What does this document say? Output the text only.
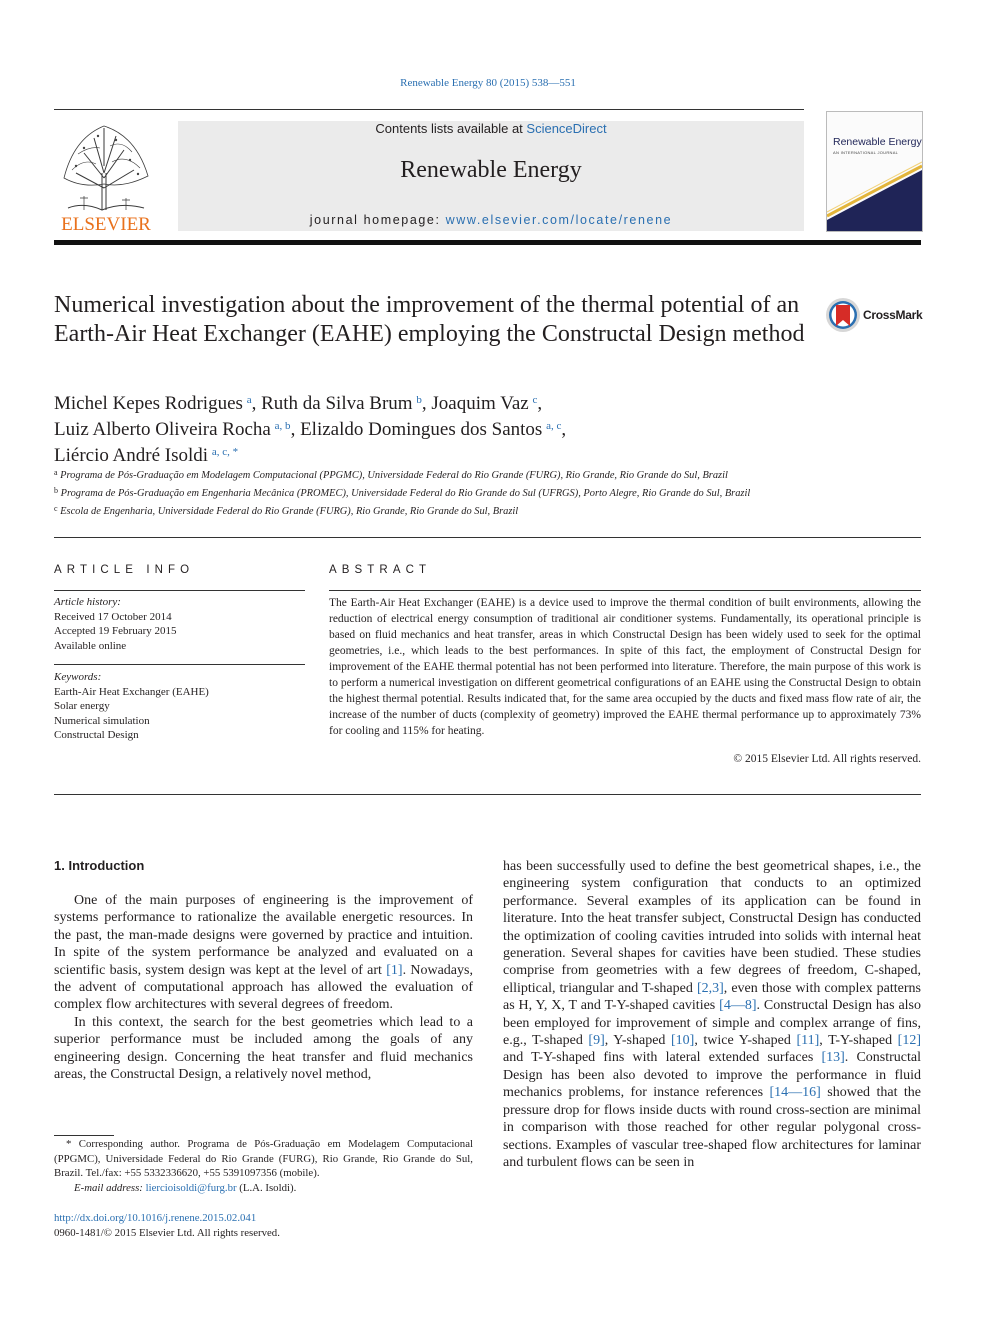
Renewable Energy 80 (2015) 538—551
ELSEVIER
Contents lists available at ScienceDirect
Renewable Energy
journal homepage: www.elsevier.com/locate/renene
Renewable Energy
AN INTERNATIONAL JOURNAL
Numerical investigation about the improvement of the thermal potential of an Earth-Air Heat Exchanger (EAHE) employing the Constructal Design method
CrossMark
Michel Kepes Rodrigues  $^a$, Ruth da Silva Brum  $^b$, Joaquim Vaz  $^c$,
Luiz Alberto Oliveira Rocha  $^{a, b}$, Elizaldo Domingues dos Santos  $^{a, c}$,
Liércio André Isoldi  $^{a, c, *}$
$^a$ Programa de Pós-Graduação em Modelagem Computacional (PPGMC), Universidade Federal do Rio Grande (FURG), Rio Grande, Rio Grande do Sul, Brazil
$^b$ Programa de Pós-Graduação em Engenharia Mecânica (PROMEC), Universidade Federal do Rio Grande do Sul (UFRGS), Porto Alegre, Rio Grande do Sul, Brazil
$^c$ Escola de Engenharia, Universidade Federal do Rio Grande (FURG), Rio Grande, Rio Grande do Sul, Brazil
ARTICLE INFO
Article history:
Received 17 October 2014
Accepted 19 February 2015
Available online
Keywords:
Earth-Air Heat Exchanger (EAHE)
Solar energy
Numerical simulation
Constructal Design
ABSTRACT
The Earth-Air Heat Exchanger (EAHE) is a device used to improve the thermal condition of built environments, allowing the reduction of electrical energy consumption of traditional air conditioner systems. Fundamentally, its operational principle is based on fluid mechanics and heat transfer, areas in which Constructal Design has been widely used to seek for the optimal geometries, i.e., which leads to the best performances. In spite of this fact, the employment of Constructal Design for improvement of the EAHE thermal potential has not been performed into literature. Therefore, the main purpose of this work is to perform a numerical investigation on different geometrical configurations of an EAHE using the Constructal Design to obtain the highest thermal potential. Results indicated that, for the same area occupied by the ducts and fixed mass flow rate of air, the increase of the number of ducts (complexity of geometry) improved the EAHE thermal performance up to approximately 73% for cooling and 115% for heating.
© 2015 Elsevier Ltd. All rights reserved.
1. Introduction

One of the main purposes of engineering is the improvement of systems performance to rationalize the available energetic resources. In the past, the man-made designs were governed by practice and intuition. In spite of the system performance be analyzed and evaluated on a scientific basis, system design was kept at the level of art [1]. Nowadays, the advent of computational approach has allowed the evaluation of complex flow architectures with several degrees of freedom.

In this context, the search for the best geometries which lead to a superior performance must be included among the goals of any engineering design. Concerning the heat transfer and fluid mechanics areas, the Constructal Design, a relatively novel method,

has been successfully used to define the best geometrical shapes, i.e., the engineering system configuration that conducts to an optimized performance. Several examples of its application can be found in literature. Into the heat transfer subject, Constructal Design has conducted the optimization of cooling cavities intruded into solids with internal heat generation. Several shapes for cavities have been studied. These studies comprise from geometries with a few degrees of freedom, C-shaped, elliptical, triangular and T-shaped [2,3], even those with complex patterns as H, Y, X, T and T-Y-shaped cavities [4—8]. Constructal Design has also been employed for improvement of simple and complex arrange of fins, e.g., T-shaped [9], Y-shaped [10], twice Y-shaped [11], T-Y-shaped [12] and T-Y-shaped fins with lateral extended surfaces [13]. Constructal Design has been also devoted to improve the performance in fluid mechanics problems, for instance references [14—16] showed that the pressure drop for flows inside ducts with round cross-section are minimal in comparison with those reached for other regular polygonal cross-sections. Examples of vascular tree-shaped flow architectures for laminar and turbulent flows can be seen in

* Corresponding author. Programa de Pós-Graduação em Modelagem Computacional (PPGMC), Universidade Federal do Rio Grande (FURG), Rio Grande, Rio Grande do Sul, Brazil. Tel./fax: +55 5332336620, +55 5391097356 (mobile).
E-mail address: liercioisoldi@furg.br (L.A. Isoldi).
http://dx.doi.org/10.1016/j.renene.2015.02.041
0960-1481/© 2015 Elsevier Ltd. All rights reserved.
